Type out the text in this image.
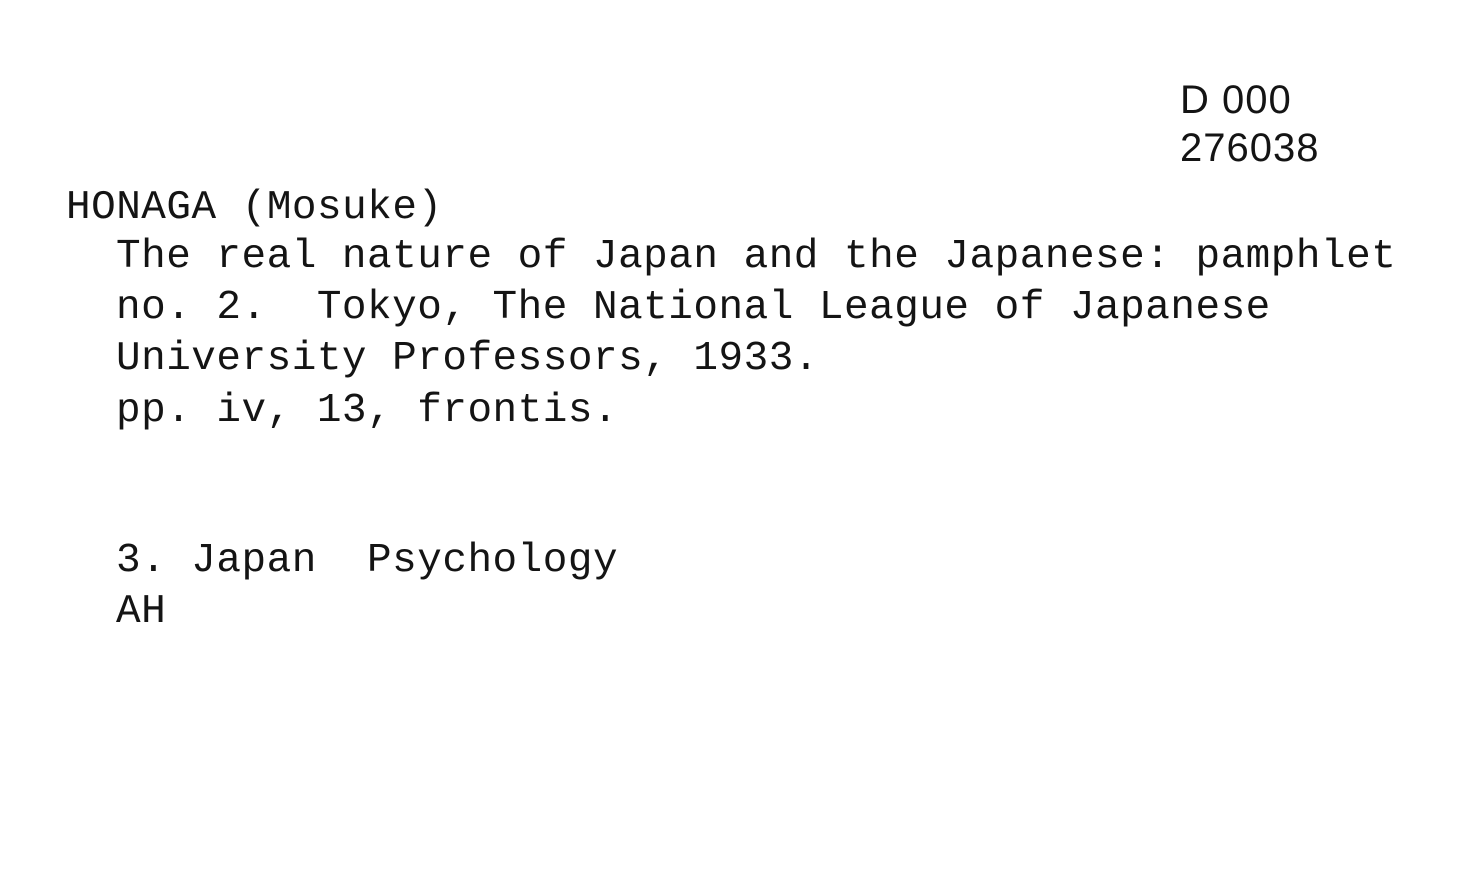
D 000
276038
HONAGA (Mosuke)
The real nature of Japan and the Japanese: pamphlet
no. 2.  Tokyo, The National League of Japanese
University Professors, 1933.
pp. iv, 13, frontis.
3. Japan  Psychology
AH
